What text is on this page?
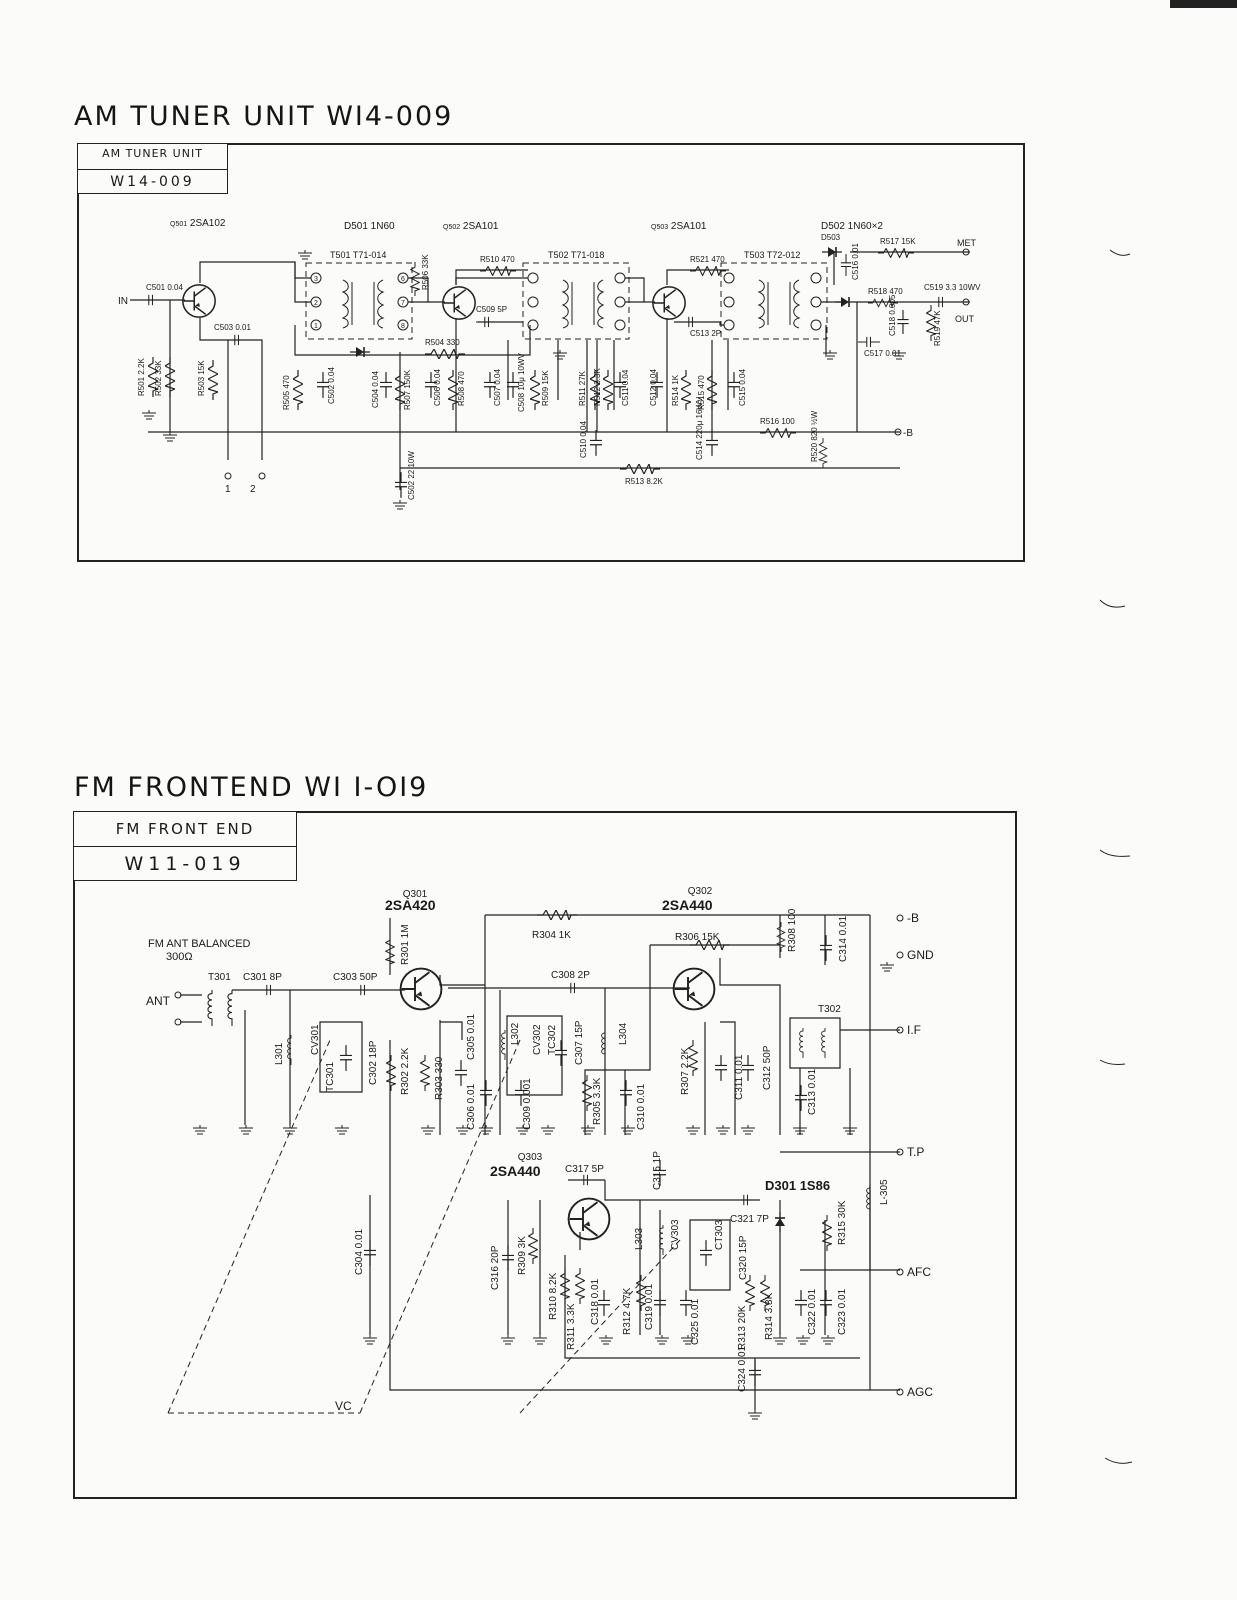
AM TUNER UNIT WI4-009
FM FRONTEND WI I-OI9
AM TUNER UNIT
W14-009
FM FRONT END
W11-019
Q501 2SA102	Q502 2SA101	Q503 2SA101
D501 1N60	D502 1N60×2
D503
T501 T71-014	T502 T71-018	T503 T72-012
3	6
2	7
1	8
IN
OUT
MET
-B
1 2
C501 0.04
C503 0.01
R504 330
R510 470
C509 5P
R521 470
C513 2P
R516 100
R513 8.2K
R517 15K
R518 470	C519 3.3 10WV
C517 0.01
R501 2.2K R502 33K	R503 15K	R505 470	C502 0.04	C504 0.04	R507 150K	C506 0.04 R508 470	C507 0.04 C508 10μ 10WV R509 15K
R506 33K
R511 27K R512 3.3K C511 0.04 C512 0.04 R514 1K R515 470	C515 0.04
C510 0.04	C514 220μ 16WV	R520 820 ½W
C502 22 10W
C516 0.01
C518 0.005	R519 47K
Q301
2SA420
Q302
2SA440
Q303
2SA440
D301 1S86
FM ANT BALANCED
300Ω
ANT
-B
GND
I.F
T.P
AFC
AGC
VC
T301 C301 8P	C303 50P
R304 1K
C308 2P
R306 15K
T302
C317 5P
C321 7P
L301	CV301
TC301	C302 18P
R301 1M
R302 2.2K R303 330
C305 0.01
C306 0.01
L302 CV302 TC302
C309 0.001
C307 15P	L304
R305 3.3K	C310 0.01
R307 2.2K	C311 0.01 C312 50P
R308 100	C314 0.01
C313 0.01
C304 0.01	C316 20P R309 3K
R310 8.2K
R311 3.3K
C318 0.01 R312 4.7K C319 0.01
C315 1P
L303	CV303
C325 0.01
CT303
C320 15P
R313 20K R314 3.3K	C322 0.01 C323 0.01
R315 30K
L-305
C324 0.01
